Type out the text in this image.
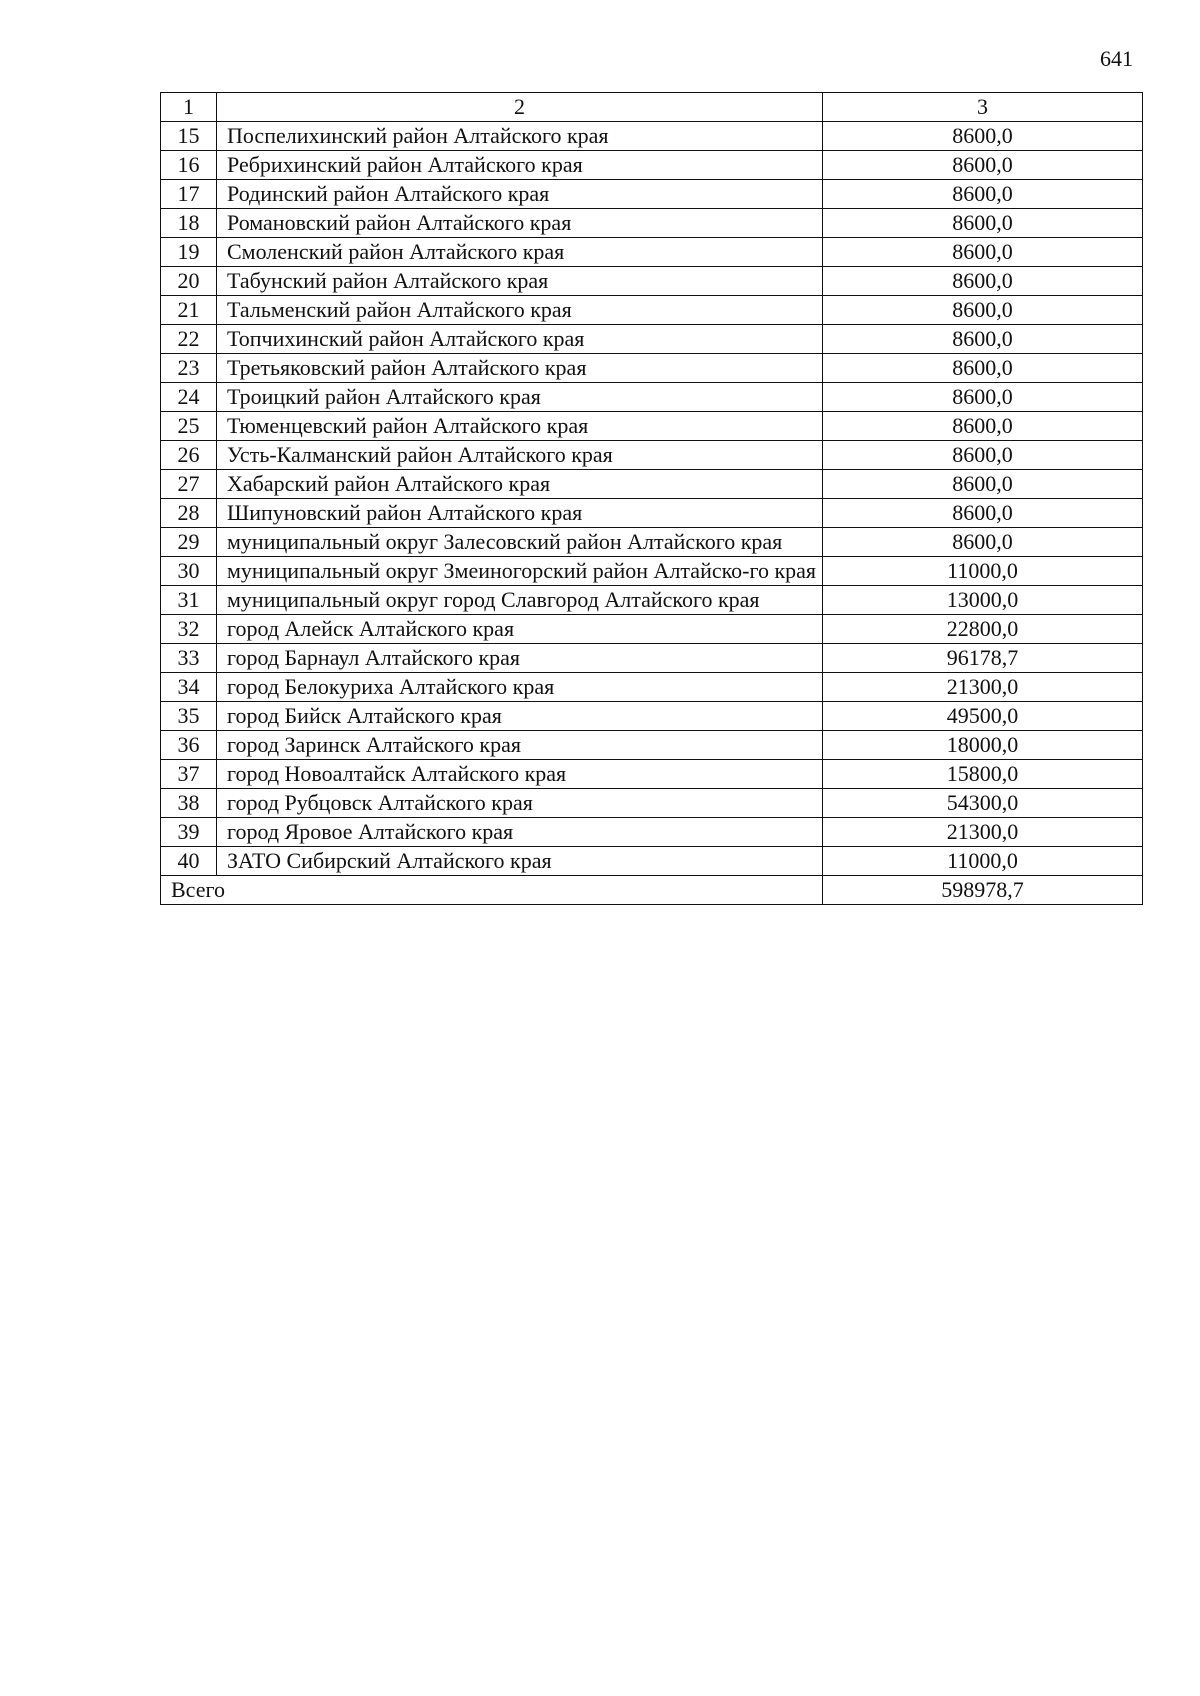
641
1	2	3
15	Поспелихинский район Алтайского края	8600,0
16	Ребрихинский район Алтайского края	8600,0
17	Родинский район Алтайского края	8600,0
18	Романовский район Алтайского края	8600,0
19	Смоленский район Алтайского края	8600,0
20	Табунский район Алтайского края	8600,0
21	Тальменский район Алтайского края	8600,0
22	Топчихинский район Алтайского края	8600,0
23	Третьяковский район Алтайского края	8600,0
24	Троицкий район Алтайского края	8600,0
25	Тюменцевский район Алтайского края	8600,0
26	Усть-Калманский район Алтайского края	8600,0
27	Хабарский район Алтайского края	8600,0
28	Шипуновский район Алтайского края	8600,0
29	муниципальный округ Залесовский район Алтайского края	8600,0
30	муниципальный округ Змеиногорский район Алтайско-го края	11000,0
31	муниципальный округ город Славгород Алтайского края	13000,0
32	город Алейск Алтайского края	22800,0
33	город Барнаул Алтайского края	96178,7
34	город Белокуриха Алтайского края	21300,0
35	город Бийск Алтайского края	49500,0
36	город Заринск Алтайского края	18000,0
37	город Новоалтайск Алтайского края	15800,0
38	город Рубцовск Алтайского края	54300,0
39	город Яровое Алтайского края	21300,0
40	ЗАТО Сибирский Алтайского края	11000,0
Всего		598978,7
